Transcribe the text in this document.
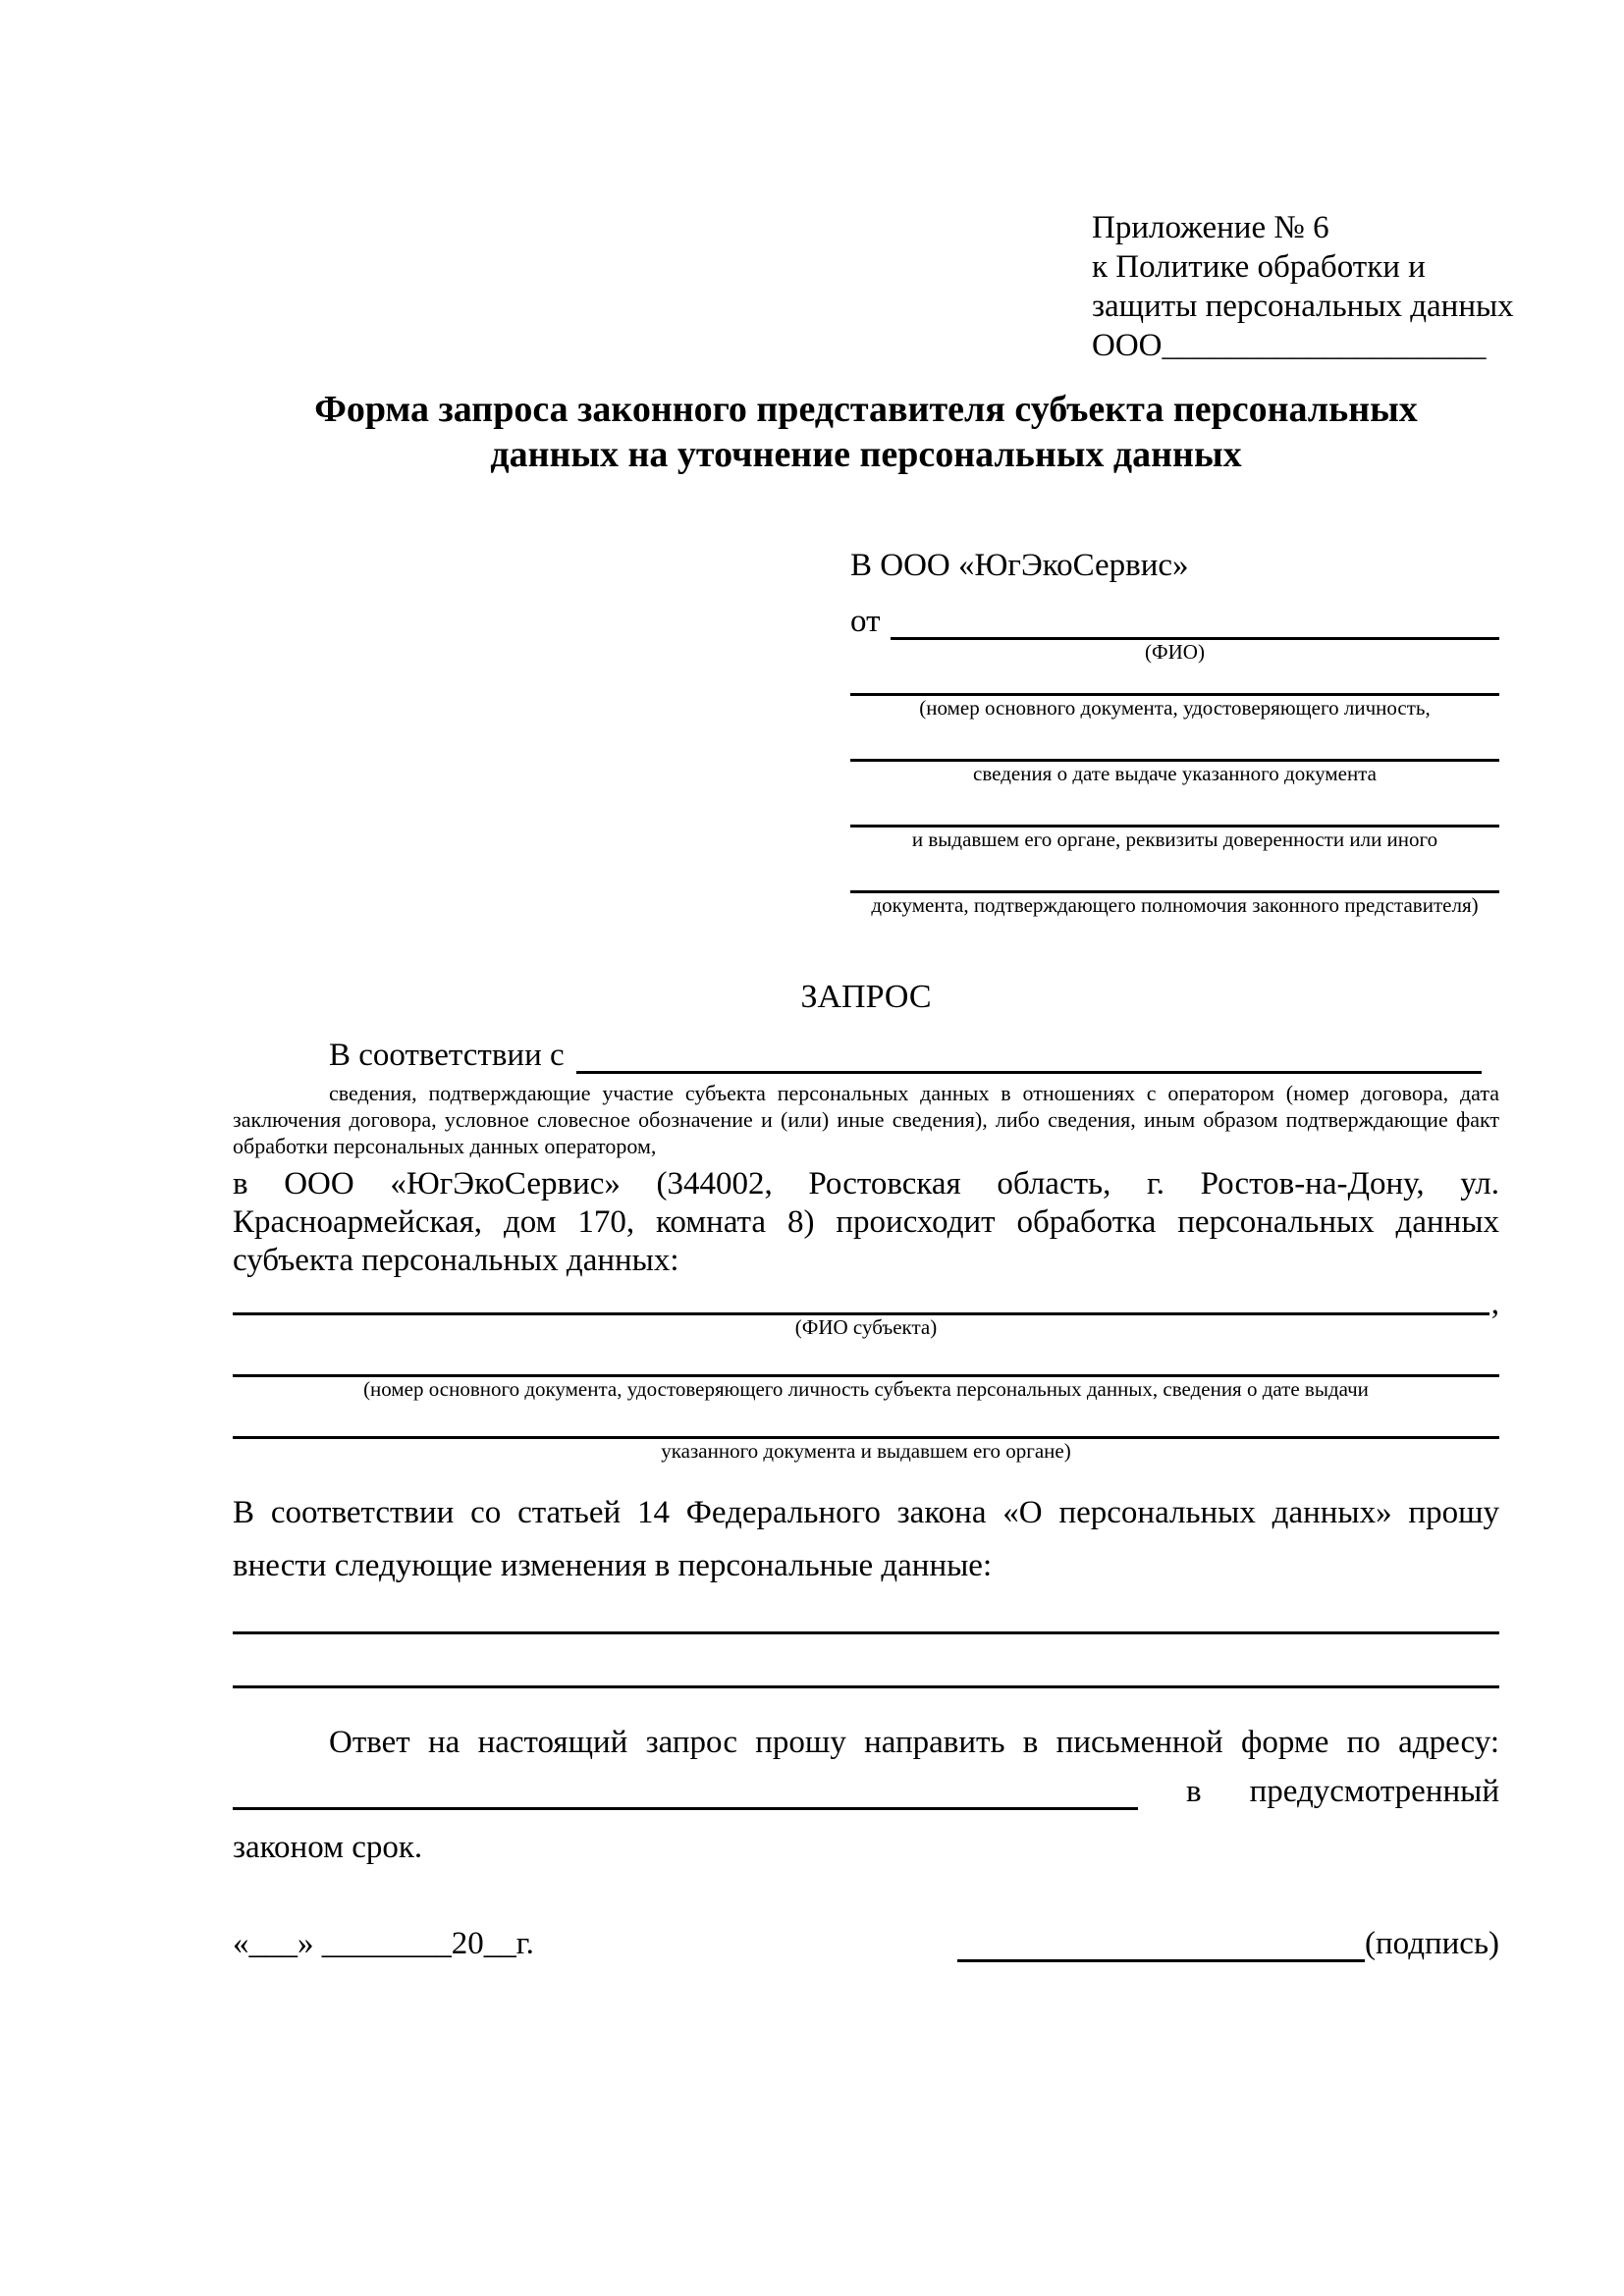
Приложение № 6
к Политике обработки и
защиты персональных данных
ООО____________________
Форма запроса законного представителя субъекта персональных
данных на уточнение персональных данных
В ООО «ЮгЭкоСервис»
от
(ФИО)
(номер основного документа, удостоверяющего личность,
сведения о дате выдаче указанного документа
и выдавшем его органе, реквизиты доверенности или иного
документа, подтверждающего полномочия законного представителя)
ЗАПРОС
В соответствии с
сведения, подтверждающие участие субъекта персональных данных в отношениях с оператором (номер договора, дата
заключения договора, условное словесное обозначение и (или) иные сведения), либо сведения, иным образом подтверждающие факт
обработки персональных данных оператором,
в ООО «ЮгЭкоСервис» (344002, Ростовская область, г. Ростов-на-Дону, ул.
Красноармейская, дом 170, комната 8) происходит обработка персональных данных
субъекта персональных данных:
,
(ФИО субъекта)
(номер основного документа, удостоверяющего личность субъекта персональных данных, сведения о дате выдачи
указанного документа и выдавшем его органе)
В соответствии со статьей 14 Федерального закона «О персональных данных» прошу
внести следующие изменения в персональные данные:
Ответ на настоящий запрос прошу направить в письменной форме по адресу:
в предусмотренный
законом срок.
«___» ________20__г.	(подпись)
